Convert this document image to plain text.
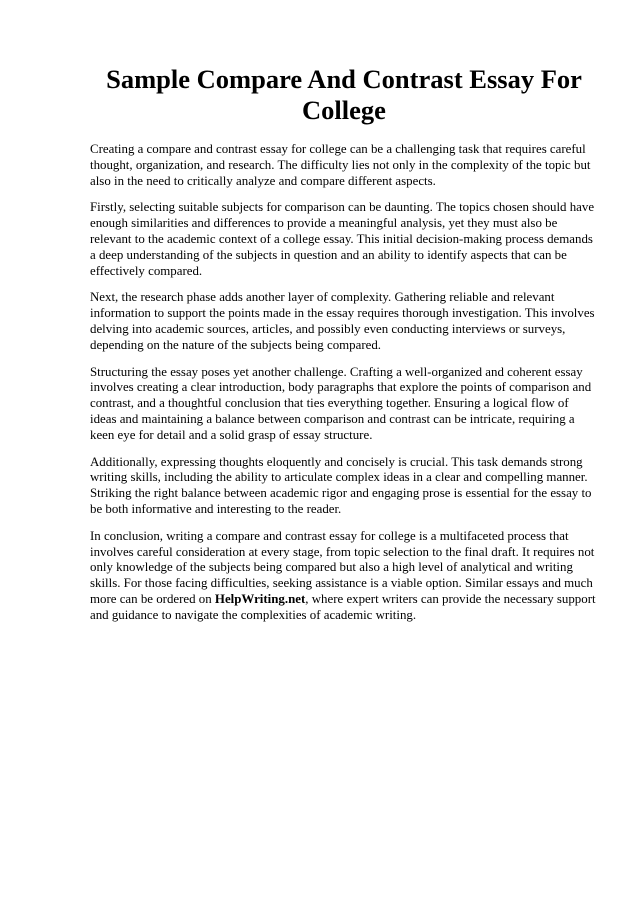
Sample Compare And Contrast Essay For College

Creating a compare and contrast essay for college can be a challenging task that requires careful thought, organization, and research. The difficulty lies not only in the complexity of the topic but also in the need to critically analyze and compare different aspects.

Firstly, selecting suitable subjects for comparison can be daunting. The topics chosen should have enough similarities and differences to provide a meaningful analysis, yet they must also be relevant to the academic context of a college essay. This initial decision-making process demands a deep understanding of the subjects in question and an ability to identify aspects that can be effectively compared.

Next, the research phase adds another layer of complexity. Gathering reliable and relevant information to support the points made in the essay requires thorough investigation. This involves delving into academic sources, articles, and possibly even conducting interviews or surveys, depending on the nature of the subjects being compared.

Structuring the essay poses yet another challenge. Crafting a well-organized and coherent essay involves creating a clear introduction, body paragraphs that explore the points of comparison and contrast, and a thoughtful conclusion that ties everything together. Ensuring a logical flow of ideas and maintaining a balance between comparison and contrast can be intricate, requiring a keen eye for detail and a solid grasp of essay structure.

Additionally, expressing thoughts eloquently and concisely is crucial. This task demands strong writing skills, including the ability to articulate complex ideas in a clear and compelling manner. Striking the right balance between academic rigor and engaging prose is essential for the essay to be both informative and interesting to the reader.

In conclusion, writing a compare and contrast essay for college is a multifaceted process that involves careful consideration at every stage, from topic selection to the final draft. It requires not only knowledge of the subjects being compared but also a high level of analytical and writing skills. For those facing difficulties, seeking assistance is a viable option. Similar essays and much more can be ordered on HelpWriting.net, where expert writers can provide the necessary support and guidance to navigate the complexities of academic writing.
